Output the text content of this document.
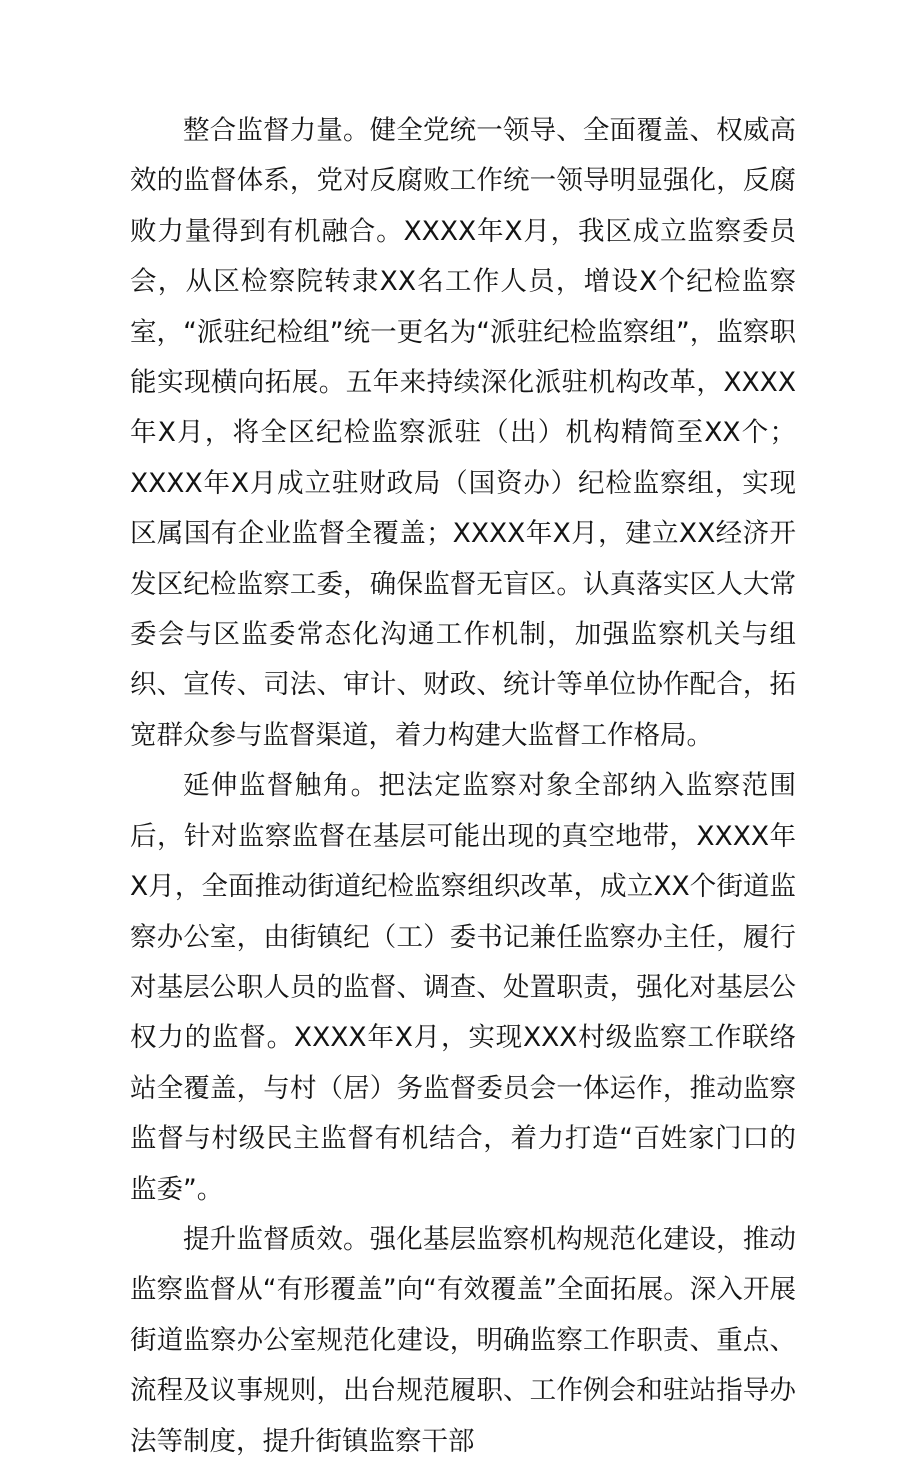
整合监督力量。健全党统一领导、全面覆盖、权威高效的监督体系，党对反腐败工作统一领导明显强化，反腐败力量得到有机融合。XXXX年X月，我区成立监察委员会，从区检察院转隶XX名工作人员，增设X个纪检监察室，“派驻纪检组”统一更名为“派驻纪检监察组”，监察职能实现横向拓展。五年来持续深化派驻机构改革，XXXX年X月，将全区纪检监察派驻（出）机构精简至XX个；XXXX年X月成立驻财政局（国资办）纪检监察组，实现区属国有企业监督全覆盖；XXXX年X月，建立XX经济开发区纪检监察工委，确保监督无盲区。认真落实区人大常委会与区监委常态化沟通工作机制，加强监察机关与组织、宣传、司法、审计、财政、统计等单位协作配合，拓宽群众参与监督渠道，着力构建大监督工作格局。

延伸监督触角。把法定监察对象全部纳入监察范围后，针对监察监督在基层可能出现的真空地带，XXXX年X月，全面推动街道纪检监察组织改革，成立XX个街道监察办公室，由街镇纪（工）委书记兼任监察办主任，履行对基层公职人员的监督、调查、处置职责，强化对基层公权力的监督。XXXX年X月，实现XXX村级监察工作联络站全覆盖，与村（居）务监督委员会一体运作，推动监察监督与村级民主监督有机结合，着力打造“百姓家门口的监委”。

提升监督质效。强化基层监察机构规范化建设，推动监察监督从“有形覆盖”向“有效覆盖”全面拓展。深入开展街道监察办公室规范化建设，明确监察工作职责、重点、流程及议事规则，出台规范履职、工作例会和驻站指导办法等制度，提升街镇监察干部
